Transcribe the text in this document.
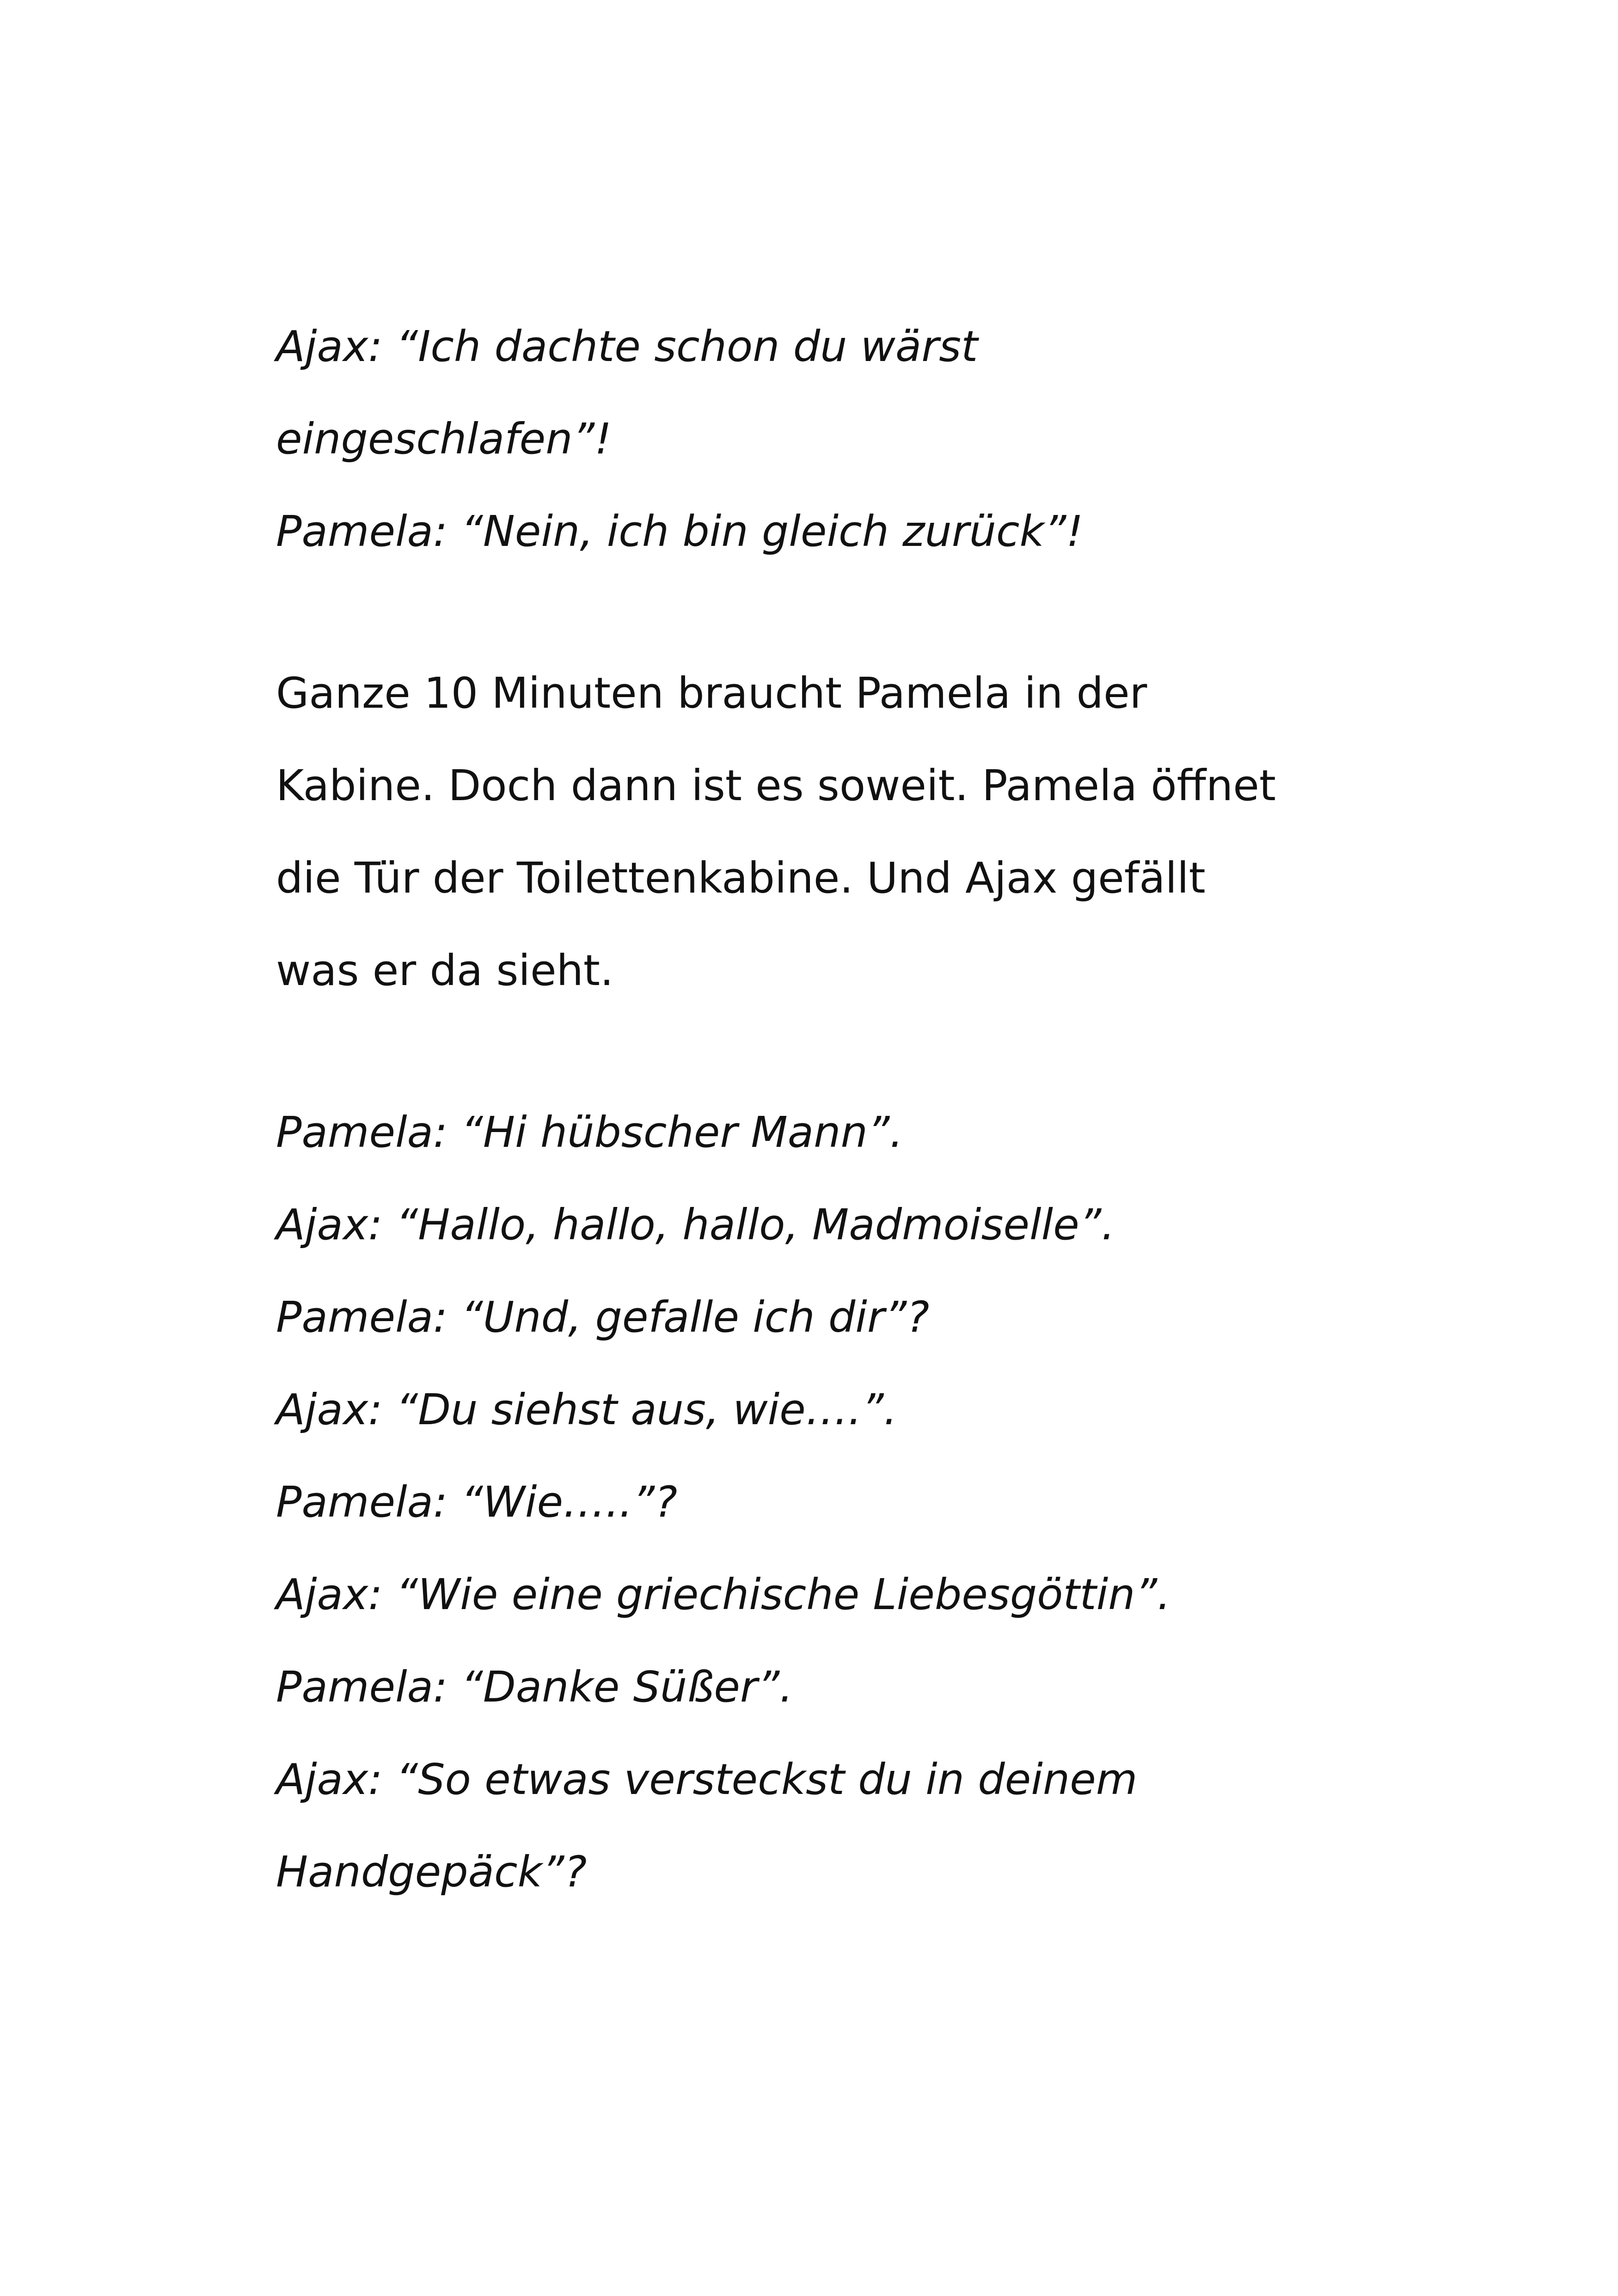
Ajax: “Ich dachte schon du wärst
eingeschlafen”!
Pamela: “Nein, ich bin gleich zurück”!
Ganze 10 Minuten braucht Pamela in der
Kabine. Doch dann ist es soweit. Pamela öffnet
die Tür der Toilettenkabine. Und Ajax gefällt
was er da sieht.
Pamela: “Hi hübscher Mann”.
Ajax: “Hallo, hallo, hallo, Madmoiselle”.
Pamela: “Und, gefalle ich dir”?
Ajax: “Du siehst aus, wie….”.
Pamela: “Wie…..”?
Ajax: “Wie eine griechische Liebesgöttin”.
Pamela: “Danke Süßer”.
Ajax: “So etwas versteckst du in deinem
Handgepäck”?
